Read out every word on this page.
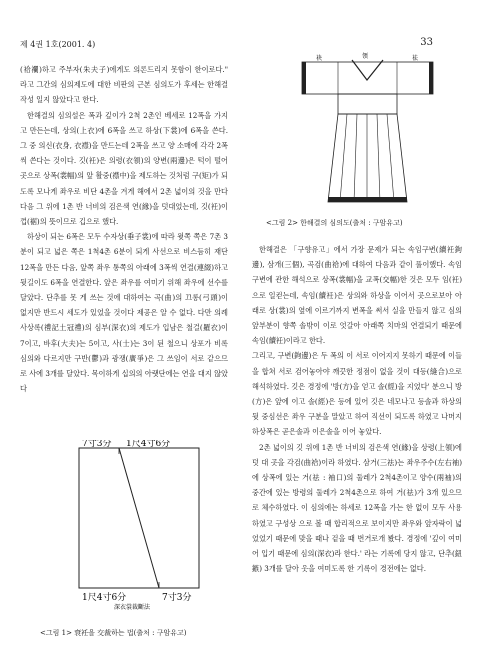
제 4권 1호(2001. 4)	33

(袷襴)하고 주부자(朱夫子)에게도 의론드리지 못함이 한이로다." 라고 그간의 심의제도에 대한 비판의 근본 심의도가 후세는 한해결 작성 일지 않았다고 한다.

한해결의 심의설은 폭과 깊이가 2척 2촌인 베세로 12폭을 가지고 만든는데, 상의(上衣)에 6폭을 쓰고 하상(下裳)에 6폭을 쓴다. 그 중 의신(衣身, 衣襟)을 만드는데 2폭을 쓰고 양 소매에 각각 2폭씩 쓴다는 것이다. 깃(衽)은 의령(衣領)의 양변(兩邊)은 턱이 떨어 곳으로 상폭(裳幅)의 앞 활중(襟中)을 제도하는 것처럼 구(矩)가 되도록 모나게 좌우로 비단 4촌을 겨게 해에서 2촌 넓이의 것을 만다 다음 그 위에 1촌 반 너비의 검은색 연(緣)을 덧대었는데, 깃(衽)이 껍(裾)의 뜻이므로 깁으로 했다.

하상이 되는 6폭은 모두 수자상(垂子裳)에 따라 윗쪽 쪽은 7촌 3분이 되고 넓은 쪽은 1척4촌 6분이 되게 사선으로 비스듬히 재단 12폭을 만든 다음, 앞쪽 좌우 통쪽의 아래에 3폭씩 연결(連綴)하고 뒷길이도 6폭을 연결한다. 앞은 좌우를 여미기 위해 좌우에 선수를 달았다. 단추를 못 게 쓰는 것에 대하여는 곡(曲)의 끄롱(弓頭)이 없지만 반드시 세도가 있었을 것이다 제공은 알 수 없다. 다만 의례사상록(禮記土冠禮)의 심부(深衣)의 제도가 입남은 철걸(羅衣)이 7이고, 바후(大夫)는 5이고, 사(士)는 3이 된 철으니 상포가 비록 심의와 다르지만 구반(鬱)과 광쟁(廣爭)은 그 쓰임이 서로 같으므로 사에 3개를 달았다. 목이하게 십의의 아랫단에는 연을 대지 않았다

7寸3分 1尺4寸6分
1尺4寸6分	7寸3分
深衣裳裁斷法
<그림 1> 衰衽을 交裁하는 법(출처 : 구암유고)
袂	領	袪
<그림 2> 한해결의 심의도(출처 : 구암유고)

한해결은 「구향유고」에서 가장 문제가 되는 속임구변(續衽鉤邊), 삼개(三個), 곡검(曲袷)에 대하여 다음과 같이 풀이했다. 속임구변에 관한 해석으로 상폭(裳幅)을 교폭(交幅)한 것은 모두 임(衽)으로 일컫는데, 속임(續衽)은 상의와 하상을 이어서 곳으로보아 아래로 상(裳)의 옆에 이르기까지 변폭을 써서 실을 만들지 않고 심의 앞부분이 향쪽 솔밖이 이로 엇갈아 아래쪽 치마의 연결되기 때문에 속임(續衽)이라고 한다.

그리고, 구변(鉤邊)은 두 폭의 이 서로 이어지지 못하기 때문에 이들을 합쳐 서로 검어놓아야 깨끗한 정점이 없을 것이 대등(縫合)으로 해석하였다. 깃은 경정에 '방(方)을 얻고 솔(經)을 지었다' 분으니 방(方)은 앞에 이고 솔(經)은 등에 있어 깃은 네모나고 등솔과 하상의 뒷 중심선은 좌우 구분을 말았고 하여 직선이 되도록 하였고 나머지 하상폭은 곧은솔과 이은솔을 이어 놓았다.

2촌 넓이의 깃 위에 1촌 반 너비의 검은색 연(緣)을 상령(上領)에 덧 대 곳을 각검(曲袷)이라 하였다. 삼거(三祛)는 좌우주수(左右袖)에 상폭에 있는 거(祛 : 袖口)의 둘레가 2척4촌이고 양수(兩袖)의 중간에 있는 방령의 둘레가 2척4촌으로 하여 거(祛)가 3개 있으므로 체수하였다. 이 심의에는 하세로 12폭을 가는 한 없이 모두 사용하였고 구성상 으로 볼 때 합리적으로 보이지만 좌우와 앞자락이 넓었었기 때문에 맞을 때나 겉을 때 번거로개 봤다. 경정에 '깊이 여미어 입기 때문에 심의(深衣)라 한다.' 라는 기록에 당지 않고, 단추(鈕鏃) 3개를 달아 옷을 여미도록 한 기록이 경전에는 없다.
